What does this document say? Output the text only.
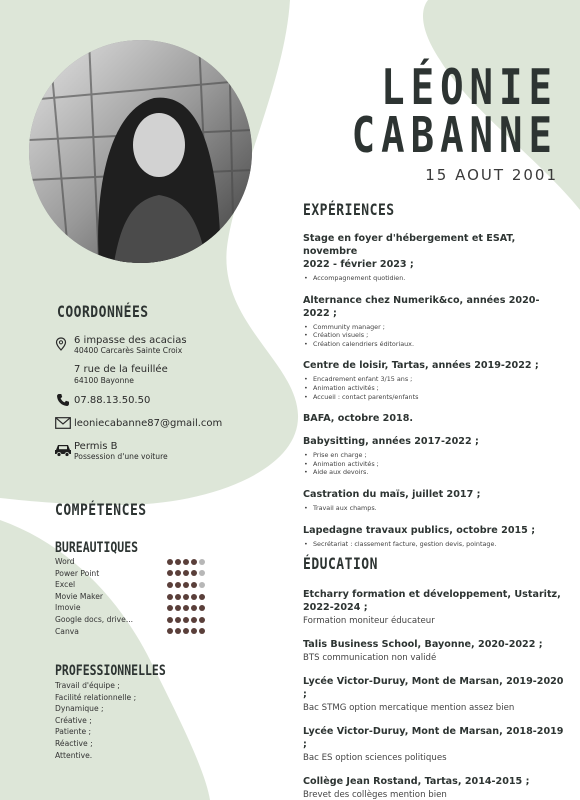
LÉONIE
CABANNE
15 AOUT 2001
COORDONNÉES
6 impasse des acacias
40400 Carcarès Sainte Croix
7 rue de la feuillée
64100 Bayonne
07.88.13.50.50
leoniecabanne87@gmail.com
Permis B
Possession d'une voiture
COMPÉTENCES
BUREAUTIQUES
Word
Power Point
Excel
Movie Maker
Imovie
Google docs, drive...
Canva
PROFESSIONNELLES
Travail d'équipe ;
Facilité relationnelle ;
Dynamique ;
Créative ;
Patiente ;
Réactive ;
Attentive.
EXPÉRIENCES
Stage en foyer d'hébergement et ESAT, novembre
2022 - février 2023 ;
• Accompagnement quotidien.
Alternance chez Numerik&co, années 2020-2022 ;
• Community manager ;
• Création visuels ;
• Création calendriers éditoriaux.
Centre de loisir, Tartas, années 2019-2022 ;
• Encadrement enfant 3/15 ans ;
• Animation activités ;
• Accueil : contact parents/enfants
BAFA, octobre 2018.
Babysitting, années 2017-2022 ;
• Prise en charge ;
• Animation activités ;
• Aide aux devoirs.
Castration du maïs, juillet 2017 ;
• Travail aux champs.
Lapedagne travaux publics, octobre 2015 ;
• Secrétariat : classement facture, gestion devis, pointage.
ÉDUCATION
Etcharry formation et développement, Ustaritz,
2022-2024 ;
Formation moniteur éducateur
Talis Business School, Bayonne, 2020-2022 ;
BTS communication non validé
Lycée Victor-Duruy, Mont de Marsan, 2019-2020 ;
Bac STMG option mercatique mention assez bien
Lycée Victor-Duruy, Mont de Marsan, 2018-2019 ;
Bac ES option sciences politiques
Collège Jean Rostand, Tartas, 2014-2015 ;
Brevet des collèges mention bien
